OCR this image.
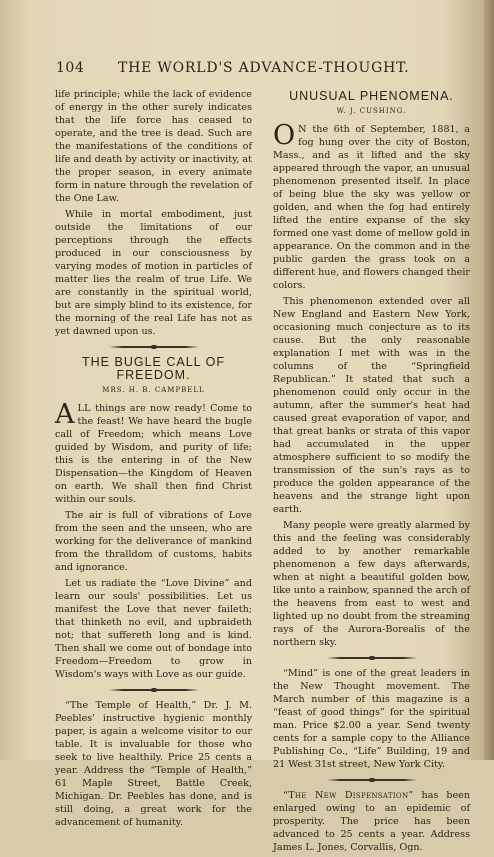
104 THE WORLD'S ADVANCE-THOUGHT.

life principle; while the lack of evidence of energy in the other surely indicates that the life force has ceased to operate, and the tree is dead. Such are the manifestations of the conditions of life and death by activity or inactivity, at the proper season, in every animate form in nature through the revelation of the One Law.

While in mortal embodiment, just outside the limitations of our perceptions through the effects produced in our consciousness by varying modes of motion in particles of matter lies the realm of true Life. We are constantly in the spiritual world, but are simply blind to its existence, for the morning of the real Life has not as yet dawned upon us.

THE BUGLE CALL OF FREEDOM.
MRS. H. B. CAMPBELL

A LL things are now ready! Come to the feast! We have heard the bugle call of Freedom; which means Love guided by Wisdom, and purity of life; this is the entering in of the New Dispensation—the Kingdom of Heaven on earth. We shall then find Christ within our souls.

The air is full of vibrations of Love from the seen and the unseen, who are working for the deliverance of mankind from the thralldom of customs, habits and ignorance.

Let us radiate the “Love Divine” and learn our souls' possibilities. Let us manifest the Love that never faileth; that thinketh no evil, and upbraideth not; that suffereth long and is kind. Then shall we come out of bondage into Freedom—Freedom to grow in Wisdom's ways with Love as our guide.

“The Temple of Health,” Dr. J. M. Peebles' instructive hygienic monthly paper, is again a welcome visitor to our table. It is invaluable for those who seek to live healthily. Price 25 cents a year. Address the “Temple of Health,” 61 Maple Street, Battle Creek, Michigan. Dr. Peebles has done, and is still doing, a great work for the advancement of humanity.

UNUSUAL PHENOMENA.
W. J. CUSHING.

O N the 6th of September, 1881, a fog hung over the city of Boston, Mass., and as it lifted and the sky appeared through the vapor, an unusual phenomenon presented itself. In place of being blue the sky was yellow or golden, and when the fog had entirely lifted the entire expanse of the sky formed one vast dome of mellow gold in appearance. On the common and in the public garden the grass took on a different hue, and flowers changed their colors.

This phenomenon extended over all New England and Eastern New York, occasioning much conjecture as to its cause. But the only reasonable explanation I met with was in the columns of the “Springfield Republican.” It stated that such a phenomenon could only occur in the autumn, after the summer's heat had caused great evaporation of vapor, and that great banks or strata of this vapor had accumulated in the upper atmosphere sufficient to so modify the transmission of the sun's rays as to produce the golden appearance of the heavens and the strange light upon earth.

Many people were greatly alarmed by this and the feeling was considerably added to by another remarkable phenomenon a few days afterwards, when at night a beautiful golden bow, like unto a rainbow, spanned the arch of the heavens from east to west and lighted up no doubt from the streaming rays of the Aurora-Borealis of the northern sky.

“Mind” is one of the great leaders in the New Thought movement. The March number of this magazine is a “feast of good things” for the spiritual man. Price $2.00 a year. Send twenty cents for a sample copy to the Alliance Publishing Co., “Life” Building, 19 and 21 West 31st street, New York City.

“The New Dispensation” has been enlarged owing to an epidemic of prosperity. The price has been advanced to 25 cents a year. Address James L. Jones, Corvallis, Ogn.
